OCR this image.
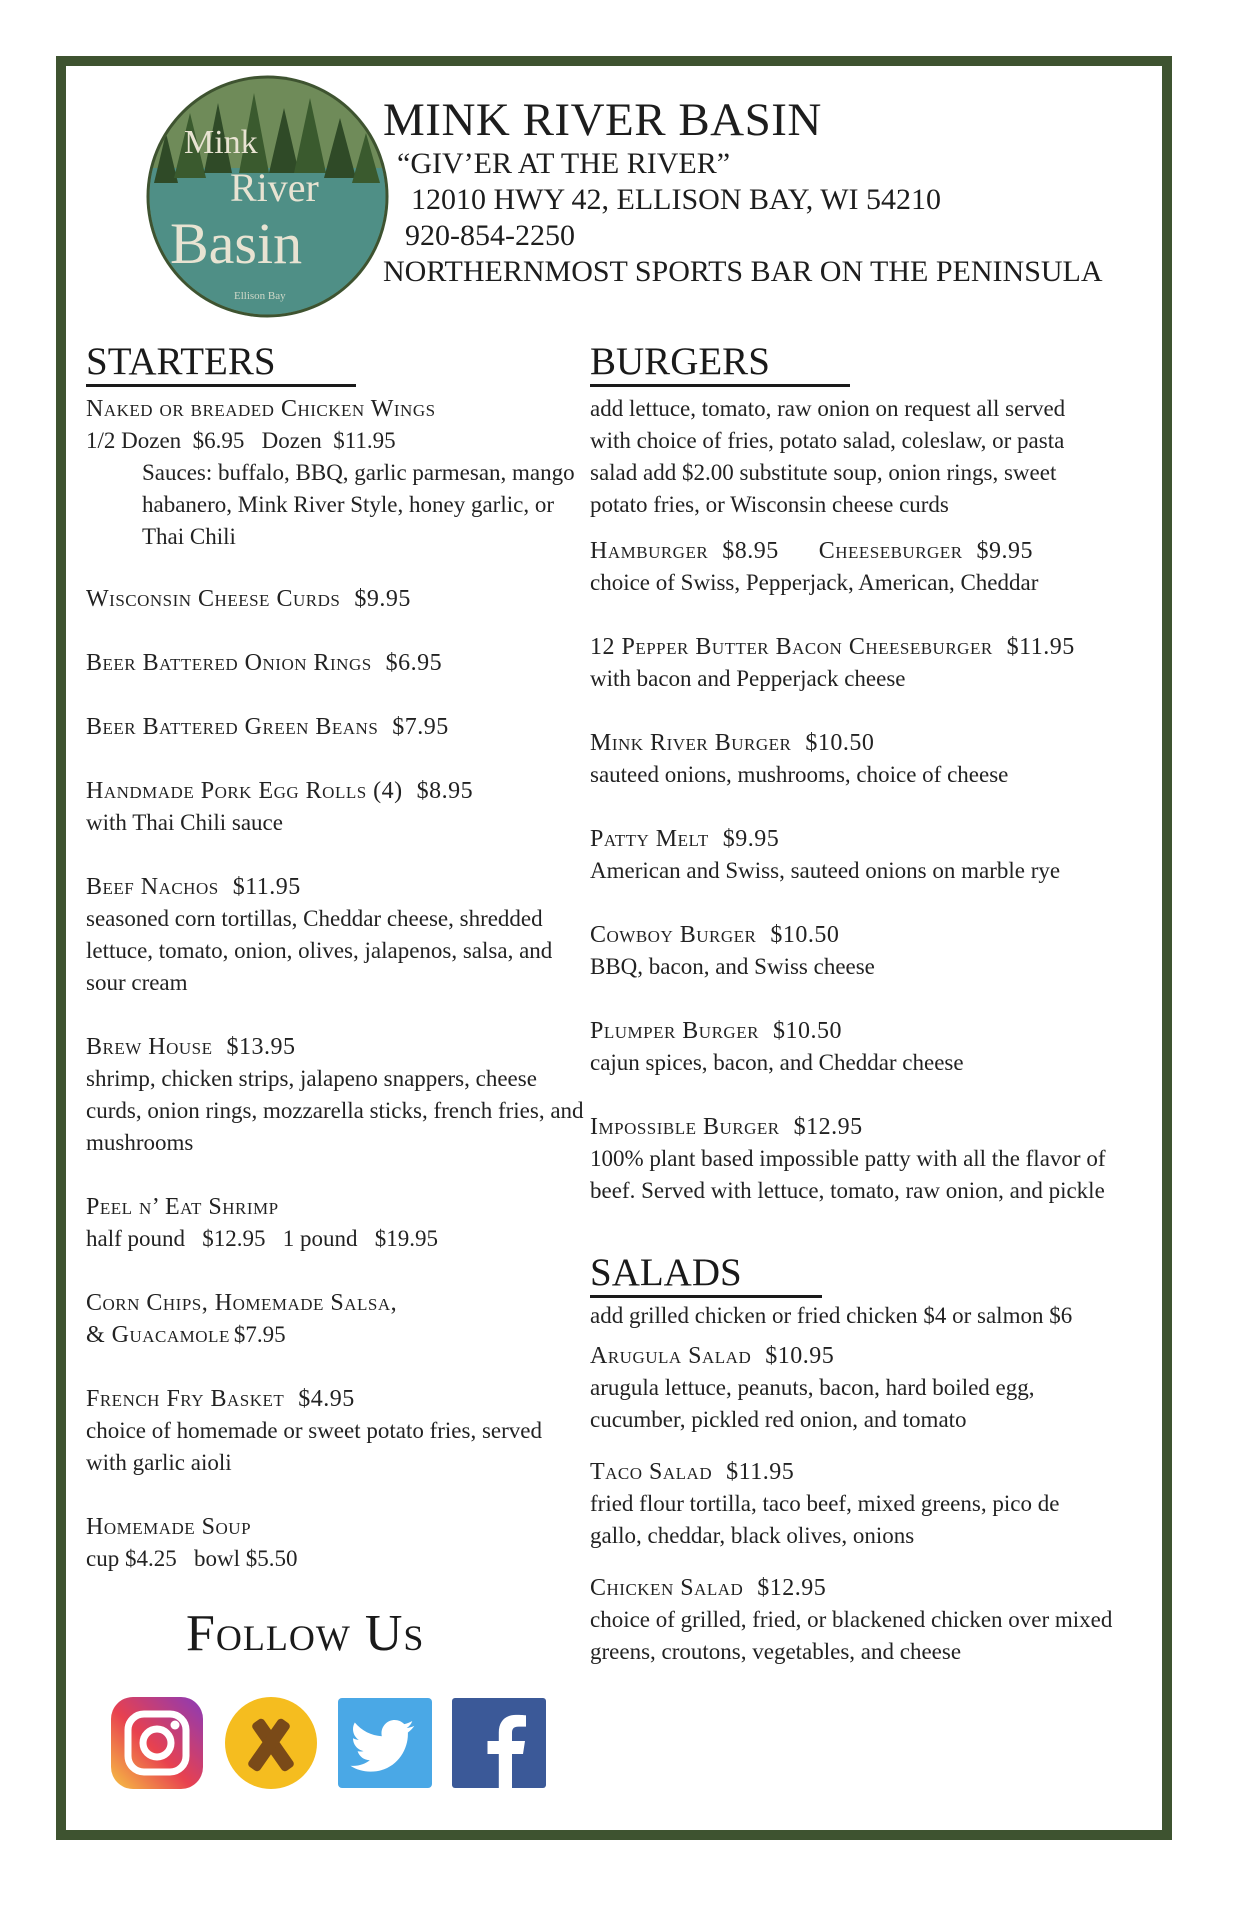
Mink
River
Basin
Ellison Bay
MINK RIVER BASIN
“GIV’ER AT THE RIVER”
12010 HWY 42, ELLISON BAY, WI 54210
920-854-2250
NORTHERNMOST SPORTS BAR ON THE PENINSULA
STARTERS
Naked or breaded Chicken Wings
1/2 Dozen  $6.95   Dozen  $11.95
Sauces: buffalo, BBQ, garlic parmesan, mango habanero, Mink River Style, honey garlic, or Thai Chili
Wisconsin Cheese Curds $9.95
Beer Battered Onion Rings $6.95
Beer Battered Green Beans $7.95
Handmade Pork Egg Rolls (4) $8.95
with Thai Chili sauce
Beef Nachos $11.95
seasoned corn tortillas, Cheddar cheese, shredded lettuce, tomato, onion, olives, jalapenos, salsa, and sour cream
Brew House $13.95
shrimp, chicken strips, jalapeno snappers, cheese curds, onion rings, mozzarella sticks, french fries, and mushrooms
Peel n’ Eat Shrimp
half pound   $12.95   1 pound   $19.95
Corn Chips, Homemade Salsa,
& Guacamole $7.95
French Fry Basket $4.95
choice of homemade or sweet potato fries, served with garlic aioli
Homemade Soup
cup $4.25   bowl $5.50
BURGERS
add lettuce, tomato, raw onion on request all served with choice of fries, potato salad, coleslaw, or pasta salad add $2.00 substitute soup, onion rings, sweet potato fries, or Wisconsin cheese curds
Hamburger $8.95 Cheeseburger $9.95
choice of Swiss, Pepperjack, American, Cheddar
12 Pepper Butter Bacon Cheeseburger $11.95
with bacon and Pepperjack cheese
Mink River Burger $10.50
sauteed onions, mushrooms, choice of cheese
Patty Melt $9.95
American and Swiss, sauteed onions on marble rye
Cowboy Burger $10.50
BBQ, bacon, and Swiss cheese
Plumper Burger $10.50
cajun spices, bacon, and Cheddar cheese
Impossible Burger $12.95
100% plant based impossible patty with all the flavor of beef. Served with lettuce, tomato, raw onion, and pickle
SALADS
add grilled chicken or fried chicken $4 or salmon $6
Arugula Salad $10.95
arugula lettuce, peanuts, bacon, hard boiled egg, cucumber, pickled red onion, and tomato
Taco Salad $11.95
fried flour tortilla, taco beef, mixed greens, pico de gallo, cheddar, black olives, onions
Chicken Salad $12.95
choice of grilled, fried, or blackened chicken over mixed greens, croutons, vegetables, and cheese
Follow Us
